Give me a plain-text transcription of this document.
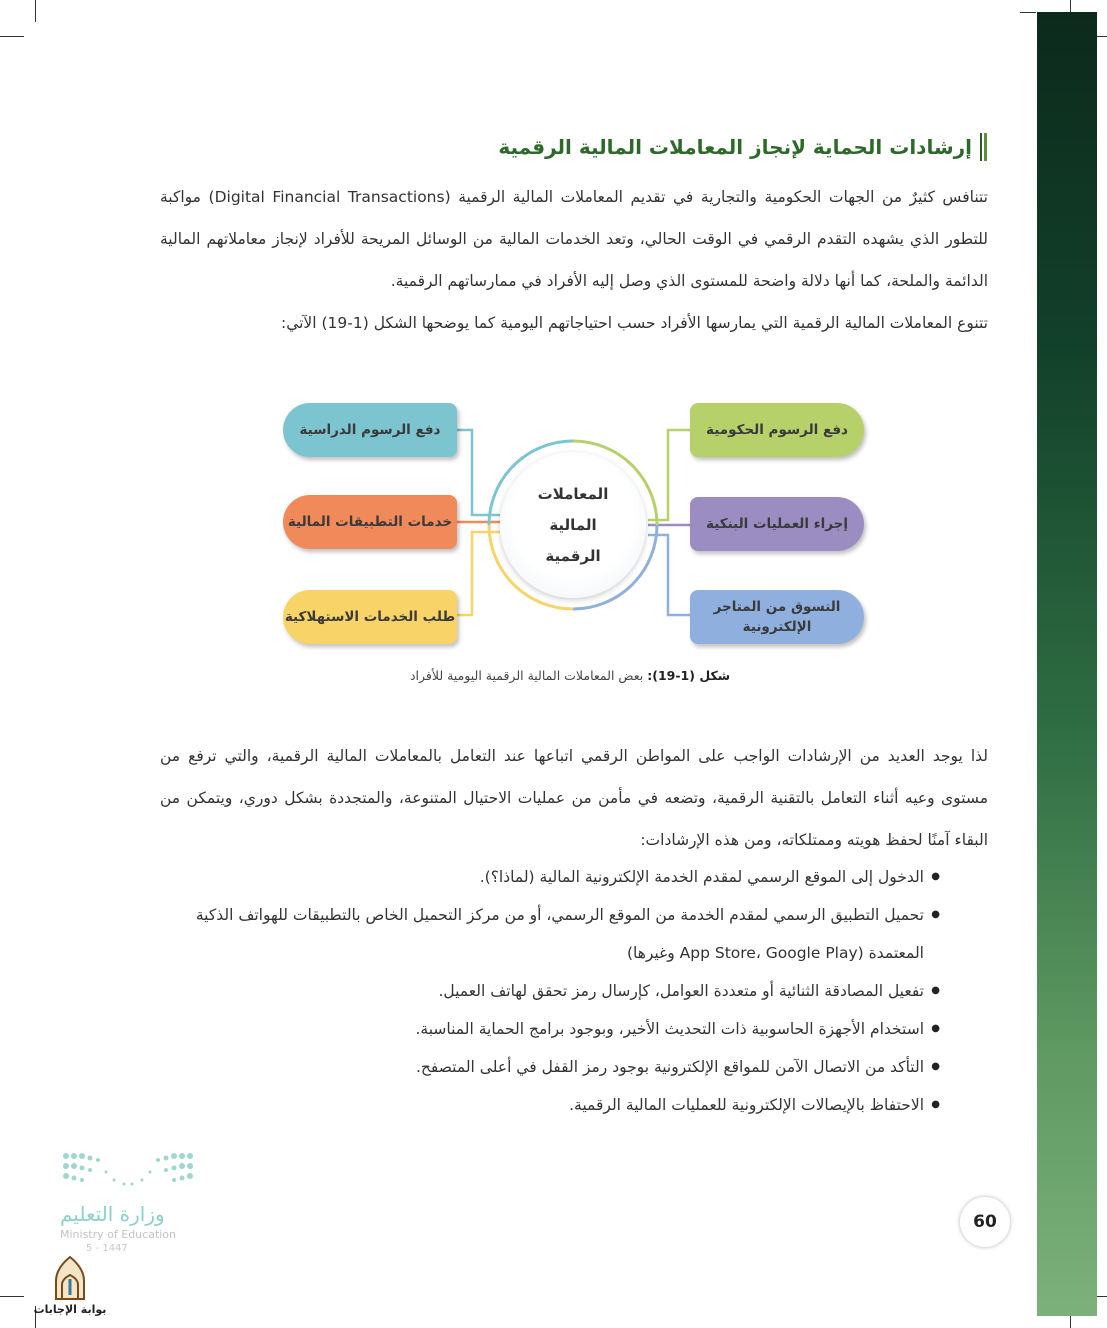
إرشادات الحماية لإنجاز المعاملات المالية الرقمية

تتنافس كثيرٌ من الجهات الحكومية والتجارية في تقديم المعاملات المالية الرقمية (Digital Financial Transactions) مواكبة للتطور الذي يشهده التقدم الرقمي في الوقت الحالي، وتعد الخدمات المالية من الوسائل المريحة للأفراد لإنجاز معاملاتهم المالية الدائمة والملحة، كما أنها دلالة واضحة للمستوى الذي وصل إليه الأفراد في ممارساتهم الرقمية.

تتنوع المعاملات المالية الرقمية التي يمارسها الأفراد حسب احتياجاتهم اليومية كما يوضحها الشكل (1-19) الآتي:

المعاملات
المالية
الرقمية
دفع الرسوم الحكومية
إجراء العمليات البنكية
التسوق من المتاجر الإلكترونية
دفع الرسوم الدراسية
خدمات التطبيقات المالية
طلب الخدمات الاستهلاكية
شكل (1-19): بعض المعاملات المالية الرقمية اليومية للأفراد

لذا يوجد العديد من الإرشادات الواجب على المواطن الرقمي اتباعها عند التعامل بالمعاملات المالية الرقمية، والتي ترفع من مستوى وعيه أثناء التعامل بالتقنية الرقمية، وتضعه في مأمن من عمليات الاحتيال المتنوعة، والمتجددة بشكل دوري، ويتمكن من البقاء آمنًا لحفظ هويته وممتلكاته، ومن هذه الإرشادات:

● الدخول إلى الموقع الرسمي لمقدم الخدمة الإلكترونية المالية (لماذا؟).
● تحميل التطبيق الرسمي لمقدم الخدمة من الموقع الرسمي، أو من مركز التحميل الخاص بالتطبيقات للهواتف الذكية المعتمدة (App Store، Google Play وغيرها)
● تفعيل المصادقة الثنائية أو متعددة العوامل، كإرسال رمز تحقق لهاتف العميل.
● استخدام الأجهزة الحاسوبية ذات التحديث الأخير، وبوجود برامج الحماية المناسبة.
● التأكد من الاتصال الآمن للمواقع الإلكترونية بوجود رمز القفل في أعلى المتصفح.
● الاحتفاظ بالإيصالات الإلكترونية للعمليات المالية الرقمية.
60
وزارة التعليم
Ministry of Education
5 - 1447
بوابة الإجابات
